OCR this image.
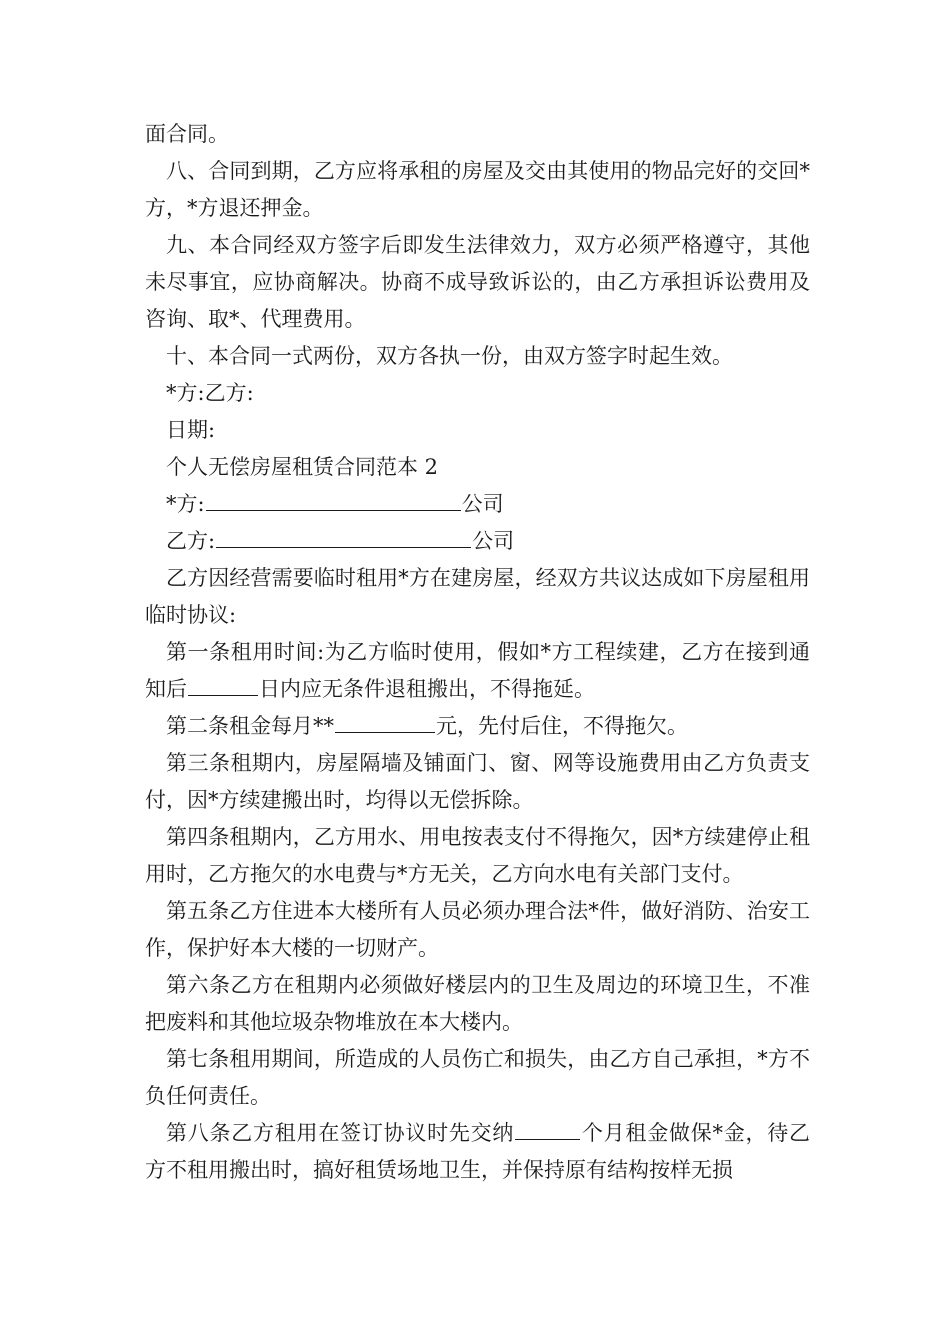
面合同。

八、合同到期，乙方应将承租的房屋及交由其使用的物品完好的交回*方，*方退还押金。

九、本合同经双方签字后即发生法律效力，双方必须严格遵守，其他未尽事宜，应协商解决。协商不成导致诉讼的，由乙方承担诉讼费用及咨询、取*、代理费用。

十、本合同一式两份，双方各执一份，由双方签字时起生效。

*方:乙方:

日期:

个人无偿房屋租赁合同范本 2

*方:	公司

乙方:	公司

乙方因经营需要临时租用*方在建房屋，经双方共议达成如下房屋租用临时协议:

第一条租用时间:为乙方临时使用，假如*方工程续建，乙方在接到通知后	日内应无条件退租搬出，不得拖延。

第二条租金每月**	元，先付后住，不得拖欠。

第三条租期内，房屋隔墙及铺面门、窗、网等设施费用由乙方负责支付，因*方续建搬出时，均得以无偿拆除。

第四条租期内，乙方用水、用电按表支付不得拖欠，因*方续建停止租用时，乙方拖欠的水电费与*方无关，乙方向水电有关部门支付。

第五条乙方住进本大楼所有人员必须办理合法*件，做好消防、治安工作，保护好本大楼的一切财产。

第六条乙方在租期内必须做好楼层内的卫生及周边的环境卫生，不准把废料和其他垃圾杂物堆放在本大楼内。

第七条租用期间，所造成的人员伤亡和损失，由乙方自己承担，*方不负任何责任。

第八条乙方租用在签订协议时先交纳	个月租金做保*金，待乙方不租用搬出时，搞好租赁场地卫生，并保持原有结构按样无损
